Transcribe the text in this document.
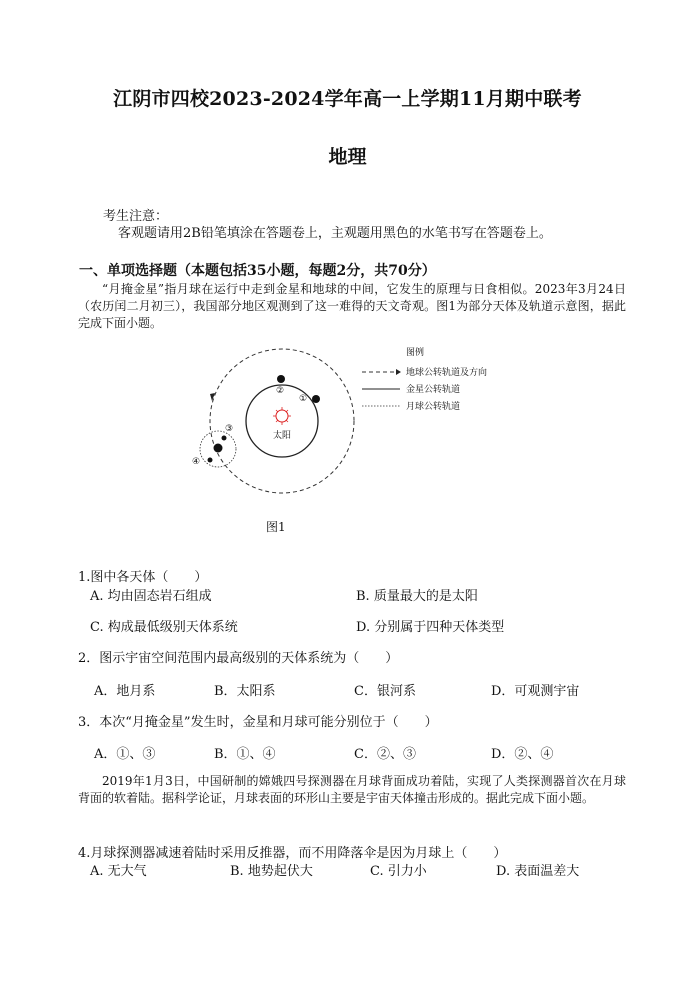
江阴市四校2023-2024学年高一上学期11月期中联考
地理
考生注意：
客观题请用2B铅笔填涂在答题卷上，主观题用黑色的水笔书写在答题卷上。
一、单项选择题（本题包括35小题，每题2分，共70分）
“月掩金星”指月球在运行中走到金星和地球的中间，它发生的原理与日食相似。2023年3月24日（农历闰二月初三），我国部分地区观测到了这一难得的天文奇观。图1为部分天体及轨道示意图，据此完成下面小题。
太阳
②
①
③
④
图例
地球公转轨道及方向
金星公转轨道
月球公转轨道
图1
1.图中各天体（　　）
A. 均由固态岩石组成	B. 质量最大的是太阳
C. 构成最低级别天体系统	D. 分别属于四种天体类型
2．图示宇宙空间范围内最高级别的天体系统为（　　）
A．地月系	B．太阳系	C．银河系	D．可观测宇宙
3．本次“月掩金星”发生时，金星和月球可能分别位于（　　）
A．①、③	B．①、④	C．②、③	D．②、④
2019年1月3日，中国研制的嫦娥四号探测器在月球背面成功着陆，实现了人类探测器首次在月球背面的软着陆。据科学论证，月球表面的环形山主要是宇宙天体撞击形成的。据此完成下面小题。
4.月球探测器减速着陆时采用反推器，而不用降落伞是因为月球上（　　）
A. 无大气	B. 地势起伏大	C. 引力小	D. 表面温差大
